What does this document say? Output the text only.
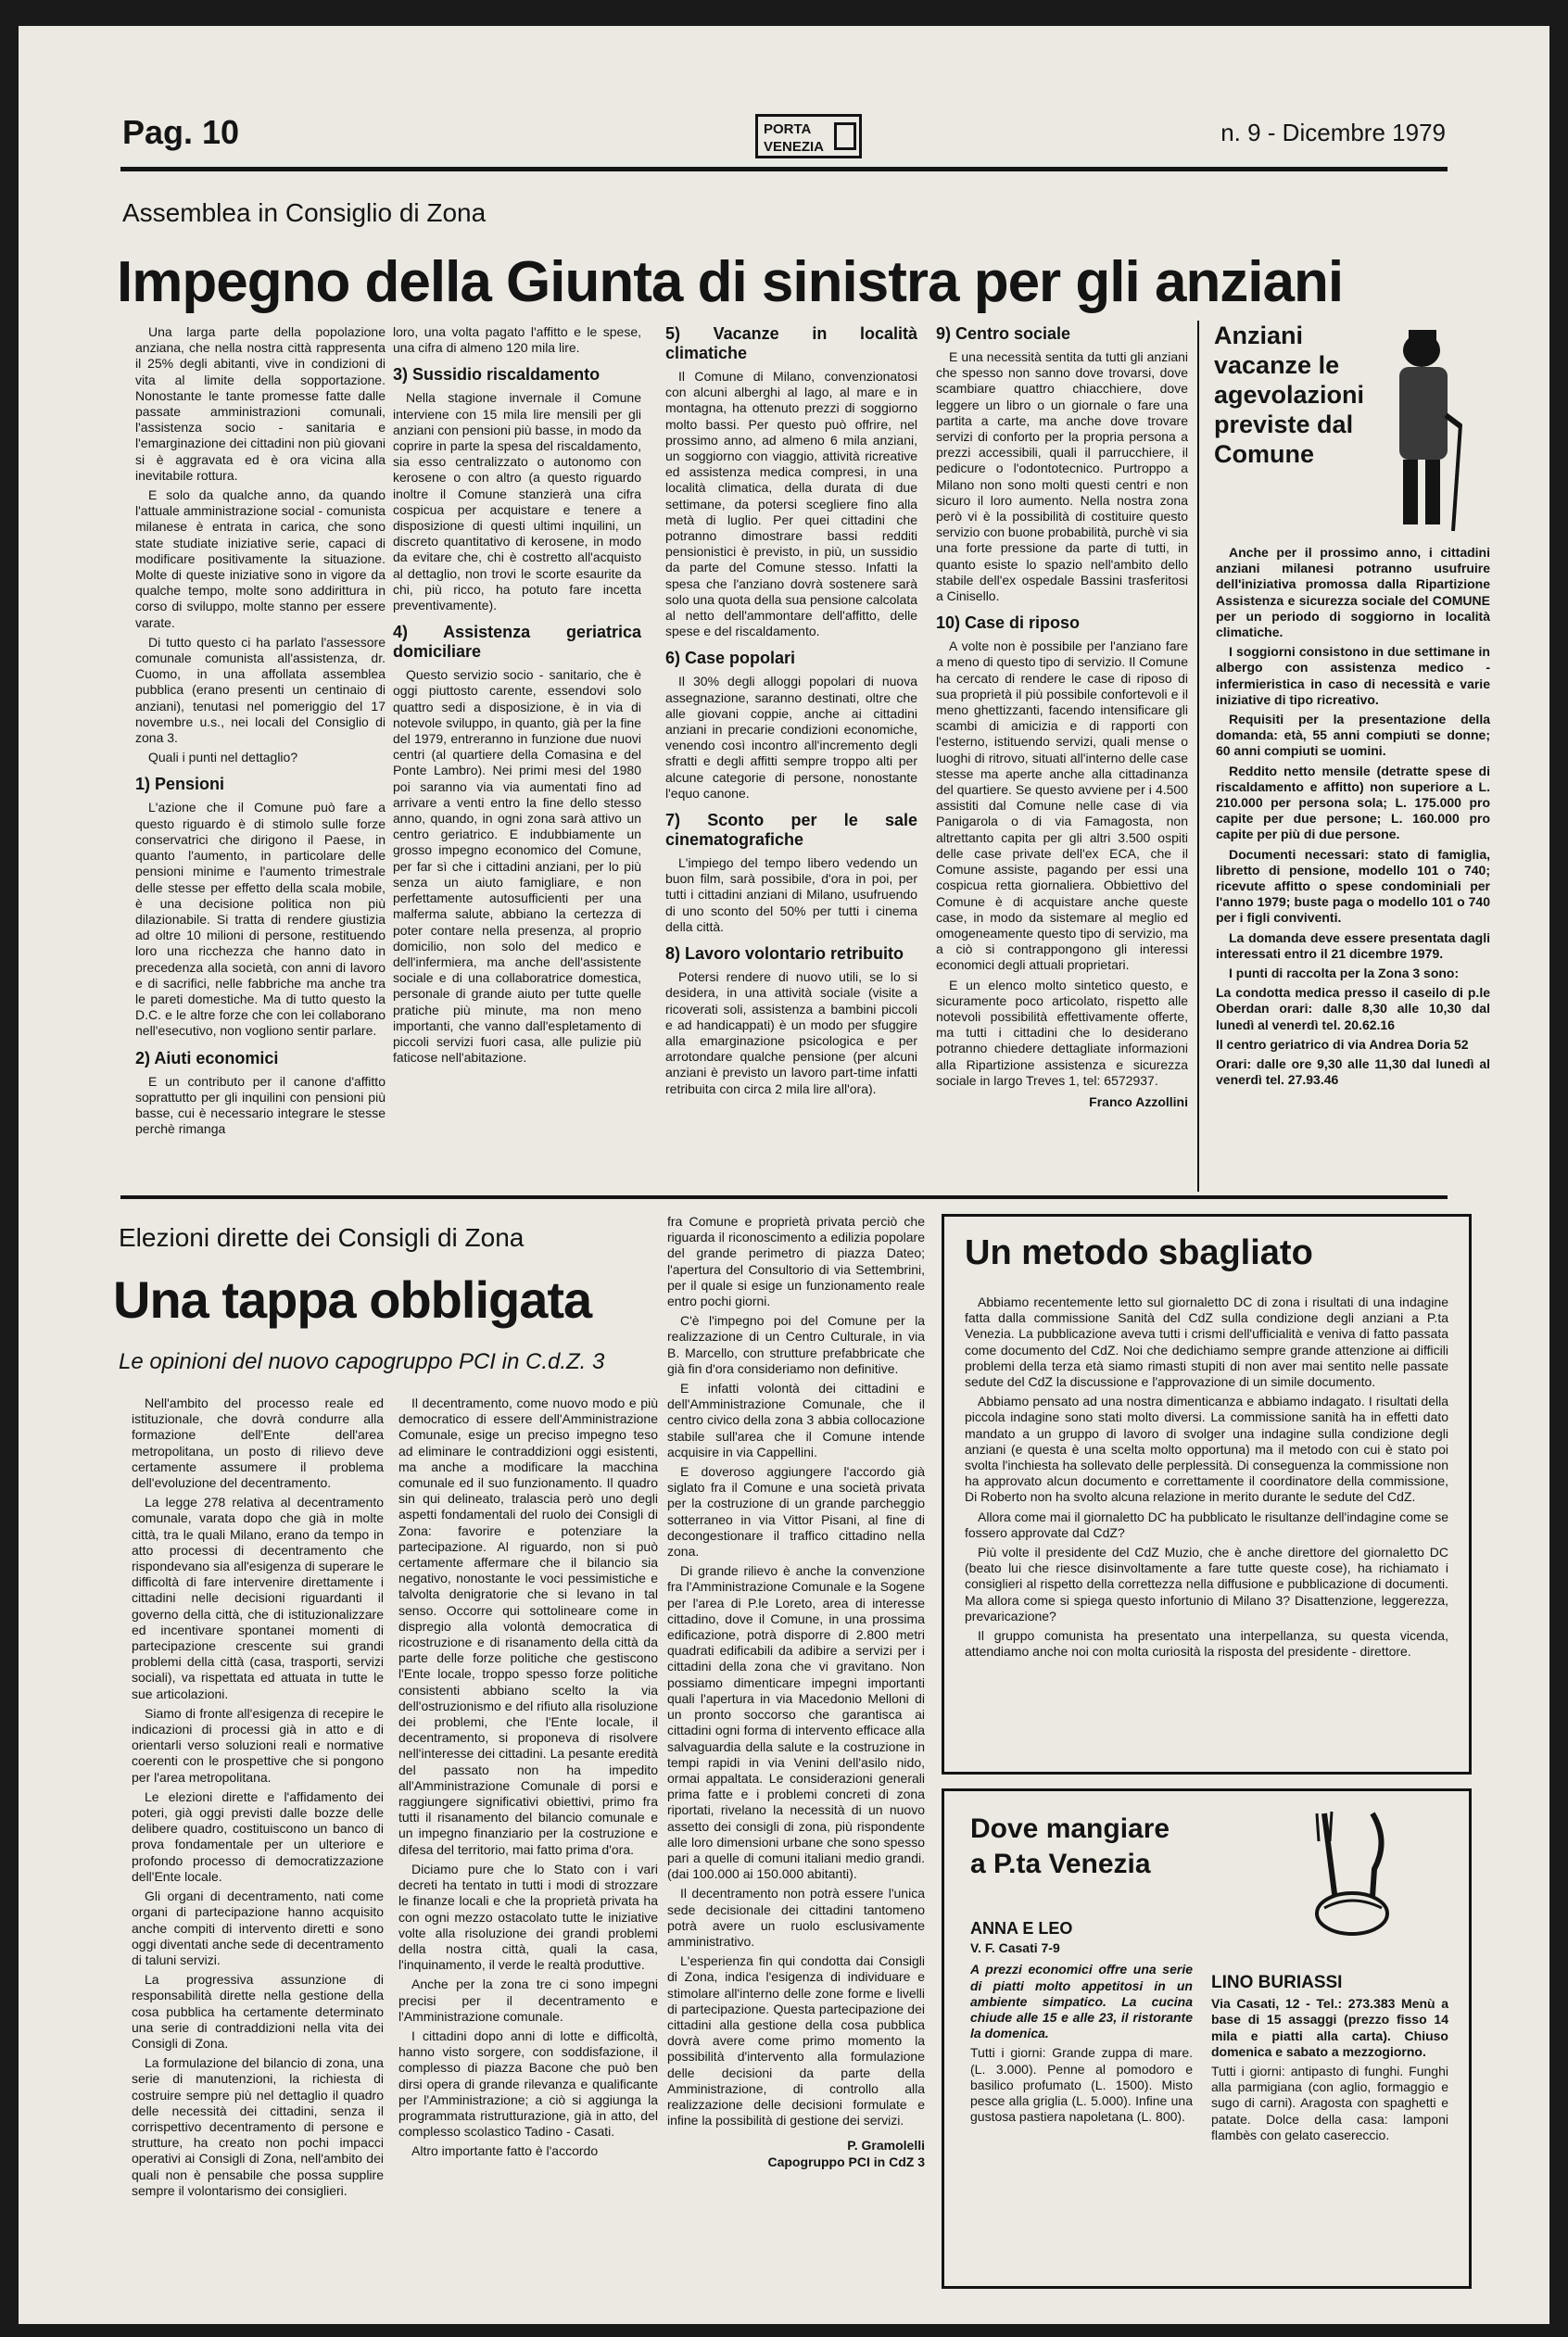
Pag. 10	PORTA
VENEZIA
n. 9 - Dicembre 1979
Assemblea in Consiglio di Zona
Impegno della Giunta di sinistra per gli anziani

Una larga parte della popolazione anziana, che nella nostra città rappresenta il 25% degli abitanti, vive in condizioni di vita al limite della sopportazione. Nonostante le tante promesse fatte dalle passate amministrazioni comunali, l'assistenza socio - sanitaria e l'emarginazione dei cittadini non più giovani si è aggravata ed è ora vicina alla inevitabile rottura.

E solo da qualche anno, da quando l'attuale amministrazione social - comunista milanese è entrata in carica, che sono state studiate iniziative serie, capaci di modificare positivamente la situazione. Molte di queste iniziative sono in vigore da qualche tempo, molte sono addirittura in corso di sviluppo, molte stanno per essere varate.

Di tutto questo ci ha parlato l'assessore comunale comunista all'assistenza, dr. Cuomo, in una affollata assemblea pubblica (erano presenti un centinaio di anziani), tenutasi nel pomeriggio del 17 novembre u.s., nei locali del Consiglio di zona 3.

Quali i punti nel dettaglio?

1) Pensioni

L'azione che il Comune può fare a questo riguardo è di stimolo sulle forze conservatrici che dirigono il Paese, in quanto l'aumento, in particolare delle pensioni minime e l'aumento trimestrale delle stesse per effetto della scala mobile, è una decisione politica non più dilazionabile. Si tratta di rendere giustizia ad oltre 10 milioni di persone, restituendo loro una ricchezza che hanno dato in precedenza alla società, con anni di lavoro e di sacrifici, nelle fabbriche ma anche tra le pareti domestiche. Ma di tutto questo la D.C. e le altre forze che con lei collaborano nell'esecutivo, non vogliono sentir parlare.

2) Aiuti economici

E un contributo per il canone d'affitto soprattutto per gli inquilini con pensioni più basse, cui è necessario integrare le stesse perchè rimanga

loro, una volta pagato l'affitto e le spese, una cifra di almeno 120 mila lire.

3) Sussidio riscaldamento

Nella stagione invernale il Comune interviene con 15 mila lire mensili per gli anziani con pensioni più basse, in modo da coprire in parte la spesa del riscaldamento, sia esso centralizzato o autonomo con kerosene o con altro (a questo riguardo inoltre il Comune stanzierà una cifra cospicua per acquistare e tenere a disposizione di questi ultimi inquilini, un discreto quantitativo di kerosene, in modo da evitare che, chi è costretto all'acquisto al dettaglio, non trovi le scorte esaurite da chi, più ricco, ha potuto fare incetta preventivamente).

4) Assistenza geriatrica domiciliare

Questo servizio socio - sanitario, che è oggi piuttosto carente, essendovi solo quattro sedi a disposizione, è in via di notevole sviluppo, in quanto, già per la fine del 1979, entreranno in funzione due nuovi centri (al quartiere della Comasina e del Ponte Lambro). Nei primi mesi del 1980 poi saranno via via aumentati fino ad arrivare a venti entro la fine dello stesso anno, quando, in ogni zona sarà attivo un centro geriatrico. E indubbiamente un grosso impegno economico del Comune, per far sì che i cittadini anziani, per lo più senza un aiuto famigliare, e non perfettamente autosufficienti per una malferma salute, abbiano la certezza di poter contare nella presenza, al proprio domicilio, non solo del medico e dell'infermiera, ma anche dell'assistente sociale e di una collaboratrice domestica, personale di grande aiuto per tutte quelle pratiche più minute, ma non meno importanti, che vanno dall'espletamento di piccoli servizi fuori casa, alle pulizie più faticose nell'abitazione.

5) Vacanze in località climatiche

Il Comune di Milano, convenzionatosi con alcuni alberghi al lago, al mare e in montagna, ha ottenuto prezzi di soggiorno molto bassi. Per questo può offrire, nel prossimo anno, ad almeno 6 mila anziani, un soggiorno con viaggio, attività ricreative ed assistenza medica compresi, in una località climatica, della durata di due settimane, da potersi scegliere fino alla metà di luglio. Per quei cittadini che potranno dimostrare bassi redditi pensionistici è previsto, in più, un sussidio da parte del Comune stesso. Infatti la spesa che l'anziano dovrà sostenere sarà solo una quota della sua pensione calcolata al netto dell'ammontare dell'affitto, delle spese e del riscaldamento.

6) Case popolari

Il 30% degli alloggi popolari di nuova assegnazione, saranno destinati, oltre che alle giovani coppie, anche ai cittadini anziani in precarie condizioni economiche, venendo così incontro all'incremento degli sfratti e degli affitti sempre troppo alti per alcune categorie di persone, nonostante l'equo canone.

7) Sconto per le sale cinematografiche

L'impiego del tempo libero vedendo un buon film, sarà possibile, d'ora in poi, per tutti i cittadini anziani di Milano, usufruendo di uno sconto del 50% per tutti i cinema della città.

8) Lavoro volontario retribuito

Potersi rendere di nuovo utili, se lo si desidera, in una attività sociale (visite a ricoverati soli, assistenza a bambini piccoli e ad handicappati) è un modo per sfuggire alla emarginazione psicologica e per arrotondare qualche pensione (per alcuni anziani è previsto un lavoro part-time infatti retribuita con circa 2 mila lire all'ora).

9) Centro sociale

E una necessità sentita da tutti gli anziani che spesso non sanno dove trovarsi, dove scambiare quattro chiacchiere, dove leggere un libro o un giornale o fare una partita a carte, ma anche dove trovare servizi di conforto per la propria persona a prezzi accessibili, quali il parrucchiere, il pedicure o l'odontotecnico. Purtroppo a Milano non sono molti questi centri e non sicuro il loro aumento. Nella nostra zona però vi è la possibilità di costituire questo servizio con buone probabilità, purchè vi sia una forte pressione da parte di tutti, in quanto esiste lo spazio nell'ambito dello stabile dell'ex ospedale Bassini trasferitosi a Cinisello.

10) Case di riposo

A volte non è possibile per l'anziano fare a meno di questo tipo di servizio. Il Comune ha cercato di rendere le case di riposo di sua proprietà il più possibile confortevoli e il meno ghettizzanti, facendo intensificare gli scambi di amicizia e di rapporti con l'esterno, istituendo servizi, quali mense o luoghi di ritrovo, situati all'interno delle case stesse ma aperte anche alla cittadinanza del quartiere. Se questo avviene per i 4.500 assistiti dal Comune nelle case di via Panigarola o di via Famagosta, non altrettanto capita per gli altri 3.500 ospiti delle case private dell'ex ECA, che il Comune assiste, pagando per essi una cospicua retta giornaliera. Obbiettivo del Comune è di acquistare anche queste case, in modo da sistemare al meglio ed omogeneamente questo tipo di servizio, ma a ciò si contrappongono gli interessi economici degli attuali proprietari.

E un elenco molto sintetico questo, e sicuramente poco articolato, rispetto alle notevoli possibilità effettivamente offerte, ma tutti i cittadini che lo desiderano potranno chiedere dettagliate informazioni alla Ripartizione assistenza e sicurezza sociale in largo Treves 1, tel: 6572937.

Franco Azzollini

Anziani vacanze le agevolazioni previste dal Comune

Anche per il prossimo anno, i cittadini anziani milanesi potranno usufruire dell'iniziativa promossa dalla Ripartizione Assistenza e sicurezza sociale del COMUNE per un periodo di soggiorno in località climatiche.

I soggiorni consistono in due settimane in albergo con assistenza medico - infermieristica in caso di necessità e varie iniziative di tipo ricreativo.

Requisiti per la presentazione della domanda: età, 55 anni compiuti se donne; 60 anni compiuti se uomini.

Reddito netto mensile (detratte spese di riscaldamento e affitto) non superiore a L. 210.000 per persona sola; L. 175.000 pro capite per due persone; L. 160.000 pro capite per più di due persone.

Documenti necessari: stato di famiglia, libretto di pensione, modello 101 o 740; ricevute affitto o spese condominiali per l'anno 1979; buste paga o modello 101 o 740 per i figli conviventi.

La domanda deve essere presentata dagli interessati entro il 21 dicembre 1979.

I punti di raccolta per la Zona 3 sono:

La condotta medica presso il caseilo di p.le Oberdan orari: dalle 8,30 alle 10,30 dal lunedì al venerdì tel. 20.62.16

Il centro geriatrico di via Andrea Doria 52

Orari: dalle ore 9,30 alle 11,30 dal lunedì al venerdì tel. 27.93.46

Elezioni dirette dei Consigli di Zona
Una tappa obbligata
Le opinioni del nuovo capogruppo PCI in C.d.Z. 3

Nell'ambito del processo reale ed istituzionale, che dovrà condurre alla formazione dell'Ente dell'area metropolitana, un posto di rilievo deve certamente assumere il problema dell'evoluzione del decentramento.

La legge 278 relativa al decentramento comunale, varata dopo che già in molte città, tra le quali Milano, erano da tempo in atto processi di decentramento che rispondevano sia all'esigenza di superare le difficoltà di fare intervenire direttamente i cittadini nelle decisioni riguardanti il governo della città, che di istituzionalizzare ed incentivare spontanei momenti di partecipazione crescente sui grandi problemi della città (casa, trasporti, servizi sociali), va rispettata ed attuata in tutte le sue articolazioni.

Siamo di fronte all'esigenza di recepire le indicazioni di processi già in atto e di orientarli verso soluzioni reali e normative coerenti con le prospettive che si pongono per l'area metropolitana.

Le elezioni dirette e l'affidamento dei poteri, già oggi previsti dalle bozze delle delibere quadro, costituiscono un banco di prova fondamentale per un ulteriore e profondo processo di democratizzazione dell'Ente locale.

Gli organi di decentramento, nati come organi di partecipazione hanno acquisito anche compiti di intervento diretti e sono oggi diventati anche sede di decentramento di taluni servizi.

La progressiva assunzione di responsabilità dirette nella gestione della cosa pubblica ha certamente determinato una serie di contraddizioni nella vita dei Consigli di Zona.

La formulazione del bilancio di zona, una serie di manutenzioni, la richiesta di costruire sempre più nel dettaglio il quadro delle necessità dei cittadini, senza il corrispettivo decentramento di persone e strutture, ha creato non pochi impacci operativi ai Consigli di Zona, nell'ambito dei quali non è pensabile che possa supplire sempre il volontarismo dei consiglieri.

Il decentramento, come nuovo modo e più democratico di essere dell'Amministrazione Comunale, esige un preciso impegno teso ad eliminare le contraddizioni oggi esistenti, ma anche a modificare la macchina comunale ed il suo funzionamento. Il quadro sin qui delineato, tralascia però uno degli aspetti fondamentali del ruolo dei Consigli di Zona: favorire e potenziare la partecipazione. Al riguardo, non si può certamente affermare che il bilancio sia negativo, nonostante le voci pessimistiche e talvolta denigratorie che si levano in tal senso. Occorre qui sottolineare come in dispregio alla volontà democratica di ricostruzione e di risanamento della città da parte delle forze politiche che gestiscono l'Ente locale, troppo spesso forze politiche consistenti abbiano scelto la via dell'ostruzionismo e del rifiuto alla risoluzione dei problemi, che l'Ente locale, il decentramento, si proponeva di risolvere nell'interesse dei cittadini. La pesante eredità del passato non ha impedito all'Amministrazione Comunale di porsi e raggiungere significativi obiettivi, primo fra tutti il risanamento del bilancio comunale e un impegno finanziario per la costruzione e difesa del territorio, mai fatto prima d'ora.

Diciamo pure che lo Stato con i vari decreti ha tentato in tutti i modi di strozzare le finanze locali e che la proprietà privata ha con ogni mezzo ostacolato tutte le iniziative volte alla risoluzione dei grandi problemi della nostra città, quali la casa, l'inquinamento, il verde le realtà produttive.

Anche per la zona tre ci sono impegni precisi per il decentramento e l'Amministrazione comunale.

I cittadini dopo anni di lotte e difficoltà, hanno visto sorgere, con soddisfazione, il complesso di piazza Bacone che può ben dirsi opera di grande rilevanza e qualificante per l'Amministrazione; a ciò si aggiunga la programmata ristrutturazione, già in atto, del complesso scolastico Tadino - Casati.

Altro importante fatto è l'accordo

fra Comune e proprietà privata perciò che riguarda il riconoscimento a edilizia popolare del grande perimetro di piazza Dateo; l'apertura del Consultorio di via Settembrini, per il quale si esige un funzionamento reale entro pochi giorni.

C'è l'impegno poi del Comune per la realizzazione di un Centro Culturale, in via B. Marcello, con strutture prefabbricate che già fin d'ora consideriamo non definitive.

E infatti volontà dei cittadini e dell'Amministrazione Comunale, che il centro civico della zona 3 abbia collocazione stabile sull'area che il Comune intende acquisire in via Cappellini.

E doveroso aggiungere l'accordo già siglato fra il Comune e una società privata per la costruzione di un grande parcheggio sotterraneo in via Vittor Pisani, al fine di decongestionare il traffico cittadino nella zona.

Di grande rilievo è anche la convenzione fra l'Amministrazione Comunale e la Sogene per l'area di P.le Loreto, area di interesse cittadino, dove il Comune, in una prossima edificazione, potrà disporre di 2.800 metri quadrati edificabili da adibire a servizi per i cittadini della zona che vi gravitano. Non possiamo dimenticare impegni importanti quali l'apertura in via Macedonio Melloni di un pronto soccorso che garantisca ai cittadini ogni forma di intervento efficace alla salvaguardia della salute e la costruzione in tempi rapidi in via Venini dell'asilo nido, ormai appaltata. Le considerazioni generali prima fatte e i problemi concreti di zona riportati, rivelano la necessità di un nuovo assetto dei consigli di zona, più rispondente alle loro dimensioni urbane che sono spesso pari a quelle di comuni italiani medio grandi. (dai 100.000 ai 150.000 abitanti).

Il decentramento non potrà essere l'unica sede decisionale dei cittadini tantomeno potrà avere un ruolo esclusivamente amministrativo.

L'esperienza fin qui condotta dai Consigli di Zona, indica l'esigenza di individuare e stimolare all'interno delle zone forme e livelli di partecipazione. Questa partecipazione dei cittadini alla gestione della cosa pubblica dovrà avere come primo momento la possibilità d'intervento alla formulazione delle decisioni da parte della Amministrazione, di controllo alla realizzazione delle decisioni formulate e infine la possibilità di gestione dei servizi.

P. Gramolelli

Capogruppo PCI in CdZ 3

Un metodo sbagliato

Abbiamo recentemente letto sul giornaletto DC di zona i risultati di una indagine fatta dalla commissione Sanità del CdZ sulla condizione degli anziani a P.ta Venezia. La pubblicazione aveva tutti i crismi dell'ufficialità e veniva di fatto passata come documento del CdZ. Noi che dedichiamo sempre grande attenzione ai difficili problemi della terza età siamo rimasti stupiti di non aver mai sentito nelle passate sedute del CdZ la discussione e l'approvazione di un simile documento.

Abbiamo pensato ad una nostra dimenticanza e abbiamo indagato. I risultati della piccola indagine sono stati molto diversi. La commissione sanità ha in effetti dato mandato a un gruppo di lavoro di svolger una indagine sulla condizione degli anziani (e questa è una scelta molto opportuna) ma il metodo con cui è stato poi svolta l'inchiesta ha sollevato delle perplessità. Di conseguenza la commissione non ha approvato alcun documento e correttamente il coordinatore della commissione, Di Roberto non ha svolto alcuna relazione in merito durante le sedute del CdZ.

Allora come mai il giornaletto DC ha pubblicato le risultanze dell'indagine come se fossero approvate dal CdZ?

Più volte il presidente del CdZ Muzio, che è anche direttore del giornaletto DC (beato lui che riesce disinvoltamente a fare tutte queste cose), ha richiamato i consiglieri al rispetto della correttezza nella diffusione e pubblicazione di documenti. Ma allora come si spiega questo infortunio di Milano 3? Disattenzione, leggerezza, prevaricazione?

Il gruppo comunista ha presentato una interpellanza, su questa vicenda, attendiamo anche noi con molta curiosità la risposta del presidente - direttore.

Dove mangiare
a P.ta Venezia
ANNA E LEO
V. F. Casati 7-9

A prezzi economici offre una serie di piatti molto appetitosi in un ambiente simpatico. La cucina chiude alle 15 e alle 23, il ristorante la domenica.

Tutti i giorni: Grande zuppa di mare. (L. 3.000). Penne al pomodoro e basilico profumato (L. 1500). Misto pesce alla griglia (L. 5.000). Infine una gustosa pastiera napoletana (L. 800).

LINO BURIASSI

Via Casati, 12 - Tel.: 273.383 Menù a base di 15 assaggi (prezzo fisso 14 mila e piatti alla carta). Chiuso domenica e sabato a mezzogiorno.

Tutti i giorni: antipasto di funghi. Funghi alla parmigiana (con aglio, formaggio e sugo di carni). Aragosta con spaghetti e patate. Dolce della casa: lamponi flambès con gelato casereccio.
